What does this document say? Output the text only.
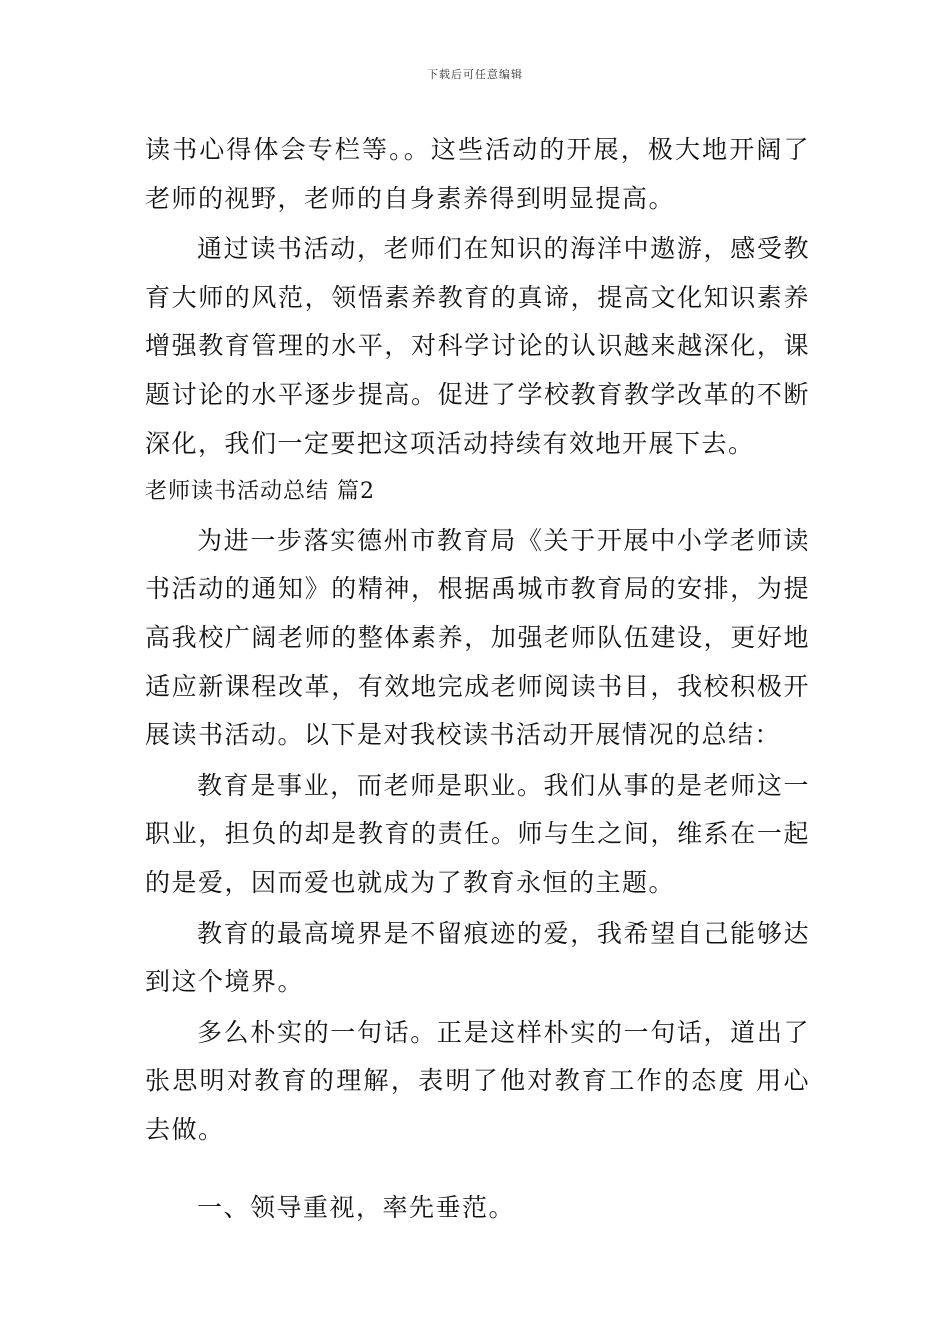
下载后可任意编辑

读书心得体会专栏等。。这些活动的开展，极大地开阔了老师的视野，老师的自身素养得到明显提高。

通过读书活动，老师们在知识的海洋中遨游，感受教育大师的风范，领悟素养教育的真谛，提高文化知识素养增强教育管理的水平，对科学讨论的认识越来越深化，课题讨论的水平逐步提高。促进了学校教育教学改革的不断深化，我们一定要把这项活动持续有效地开展下去。

老师读书活动总结 篇2

为进一步落实德州市教育局《关于开展中小学老师读书活动的通知》的精神，根据禹城市教育局的安排，为提高我校广阔老师的整体素养，加强老师队伍建设，更好地适应新课程改革，有效地完成老师阅读书目，我校积极开展读书活动。以下是对我校读书活动开展情况的总结：

教育是事业，而老师是职业。我们从事的是老师这一职业，担负的却是教育的责任。师与生之间，维系在一起的是爱，因而爱也就成为了教育永恒的主题。

教育的最高境界是不留痕迹的爱，我希望自己能够达到这个境界。

多么朴实的一句话。正是这样朴实的一句话，道出了张思明对教育的理解，表明了他对教育工作的态度 用心去做。

一、领导重视，率先垂范。
